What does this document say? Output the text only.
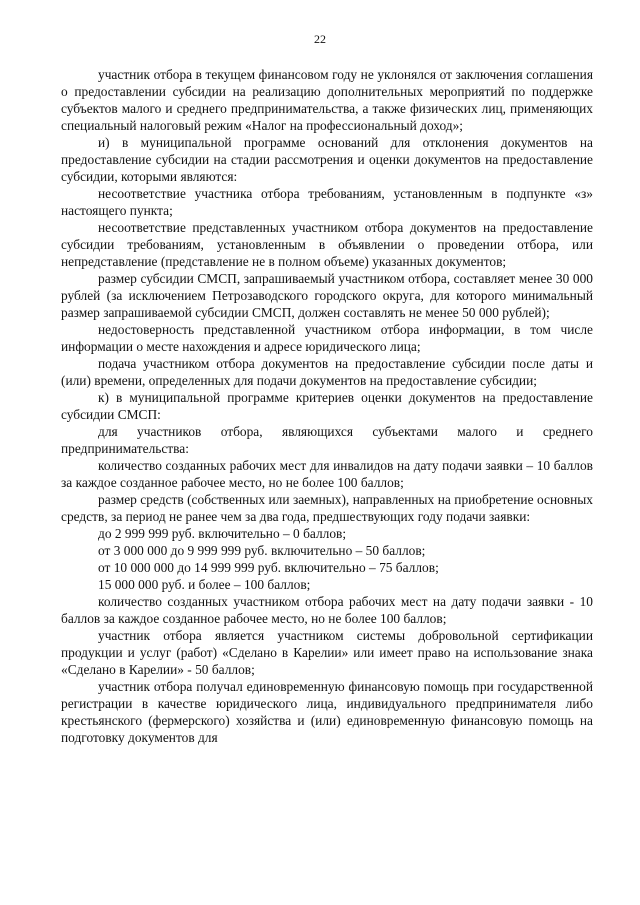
22

участник отбора в текущем финансовом году не уклонялся от заключения соглашения о предоставлении субсидии на реализацию дополнительных мероприятий по поддержке субъектов малого и среднего предпринимательства, а также физических лиц, применяющих специальный налоговый режим «Налог на профессиональный доход»;

и) в муниципальной программе оснований для отклонения документов на предоставление субсидии на стадии рассмотрения и оценки документов на предоставление субсидии, которыми являются:

несоответствие участника отбора требованиям, установленным в подпункте «з» настоящего пункта;

несоответствие представленных участником отбора документов на предоставление субсидии требованиям, установленным в объявлении о проведении отбора, или непредставление (представление не в полном объеме) указанных документов;

размер субсидии СМСП, запрашиваемый участником отбора, составляет менее 30 000 рублей (за исключением Петрозаводского городского округа, для которого минимальный размер запрашиваемой субсидии СМСП, должен составлять не менее 50 000 рублей);

недостоверность представленной участником отбора информации, в том числе информации о месте нахождения и адресе юридического лица;

подача участником отбора документов на предоставление субсидии после даты и (или) времени, определенных для подачи документов на предоставление субсидии;

к) в муниципальной программе критериев оценки документов на предоставление субсидии СМСП:

для участников отбора, являющихся субъектами малого и среднего предпринимательства:

количество созданных рабочих мест для инвалидов на дату подачи заявки – 10 баллов за каждое созданное рабочее место, но не более 100 баллов;

размер средств (собственных или заемных), направленных на приобретение основных средств, за период не ранее чем за два года, предшествующих году подачи заявки:

до 2 999 999 руб. включительно – 0 баллов;

от 3 000 000 до 9 999 999 руб. включительно – 50 баллов;

от 10 000 000 до 14 999 999 руб. включительно – 75 баллов;

15 000 000 руб. и более – 100 баллов;

количество созданных участником отбора рабочих мест на дату подачи заявки - 10 баллов за каждое созданное рабочее место, но не более 100 баллов;

участник отбора является участником системы добровольной сертификации продукции и услуг (работ) «Сделано в Карелии» или имеет право на использование знака «Сделано в Карелии» - 50 баллов;

участник отбора получал единовременную финансовую помощь при государственной регистрации в качестве юридического лица, индивидуального предпринимателя либо крестьянского (фермерского) хозяйства и (или) единовременную финансовую помощь на подготовку документов для
